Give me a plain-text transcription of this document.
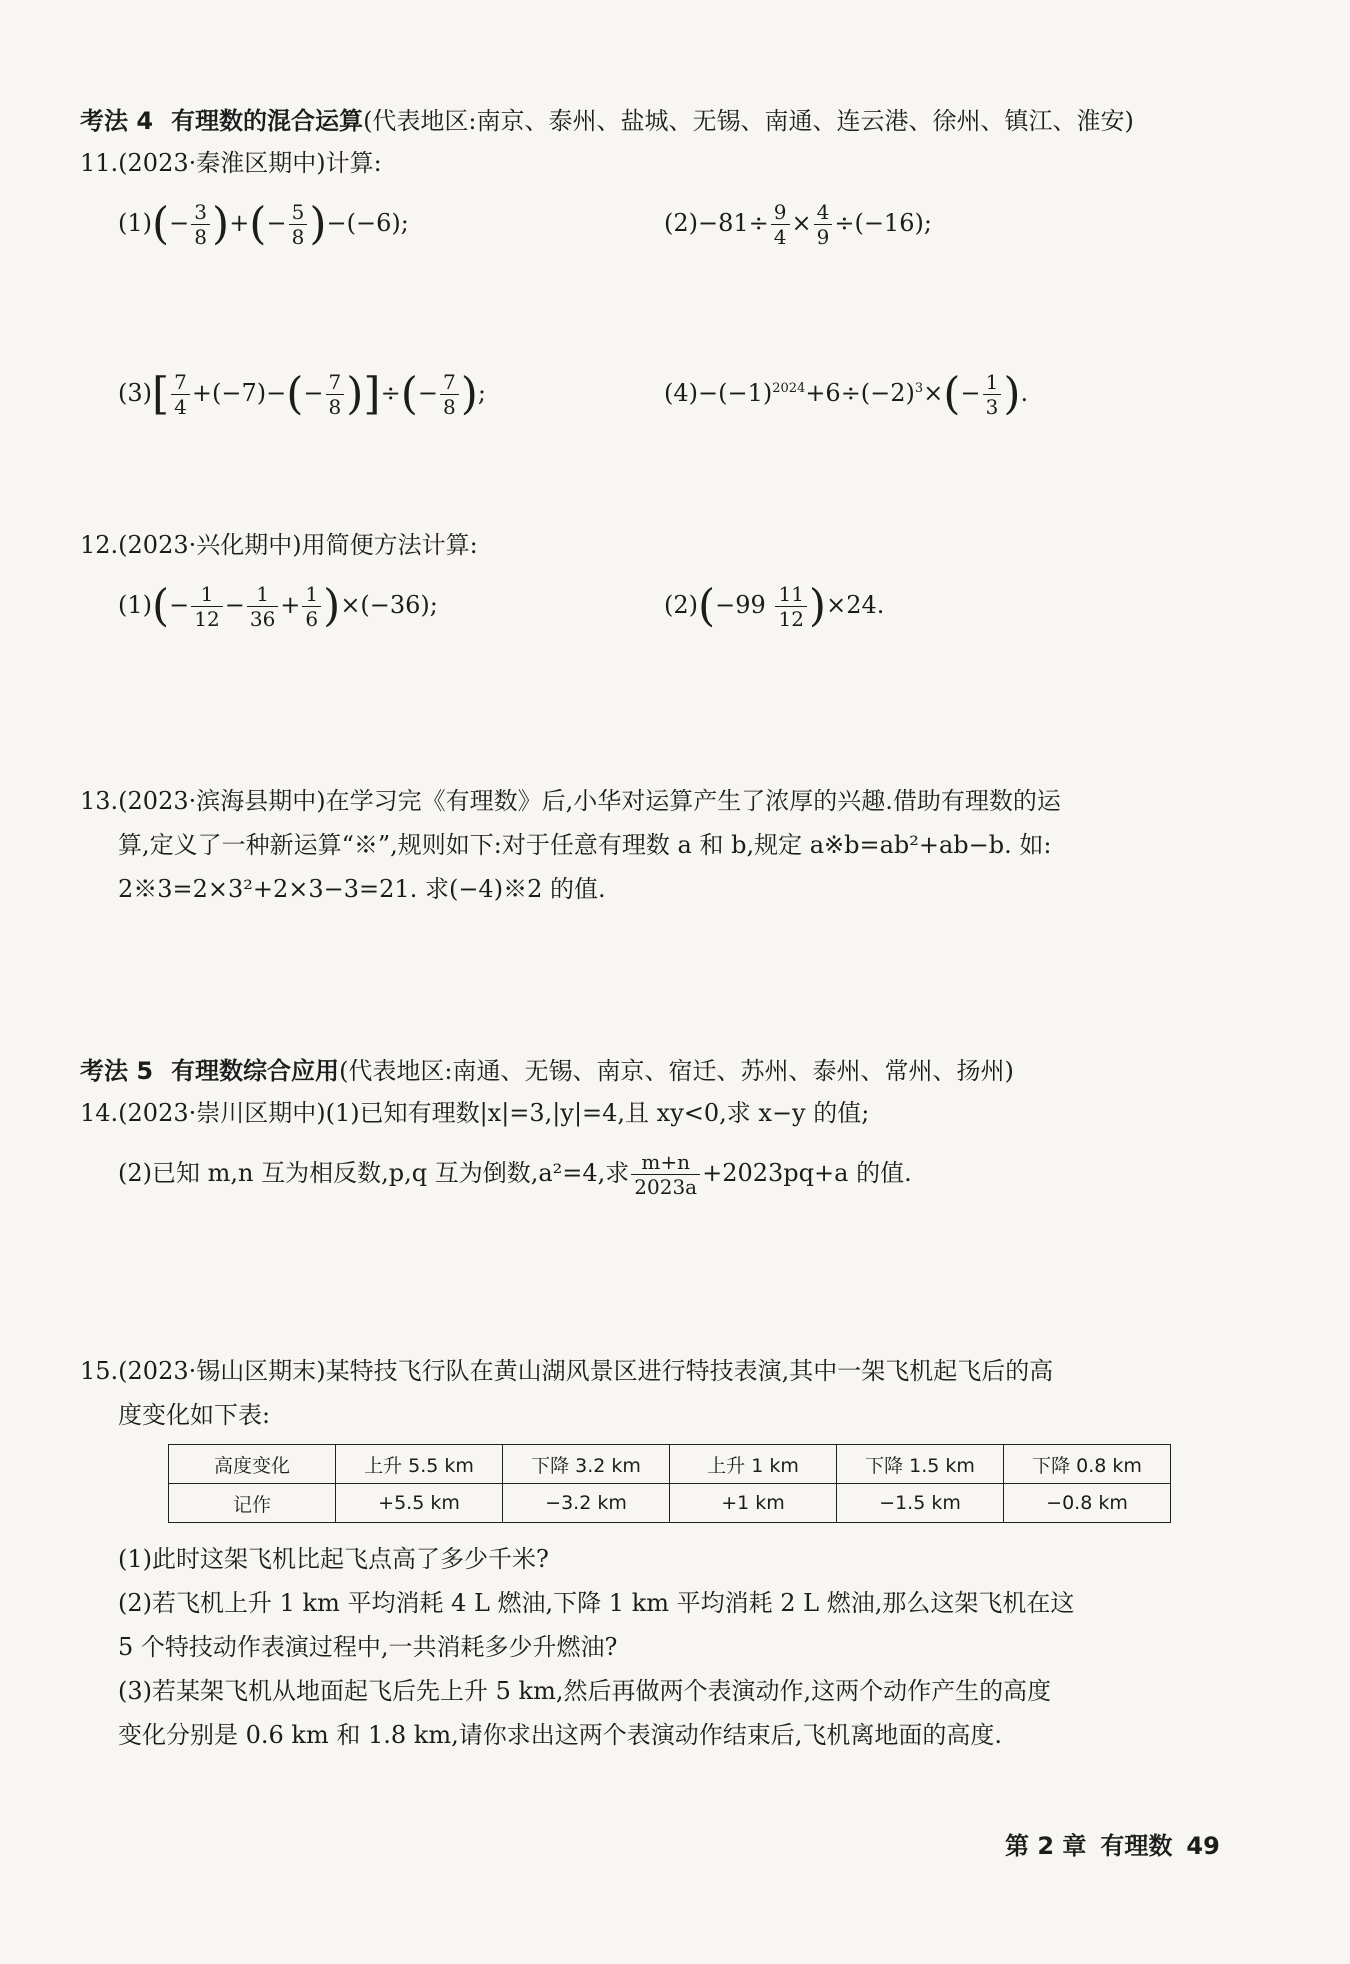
考法 4 有理数的混合运算(代表地区:南京、泰州、盐城、无锡、南通、连云港、徐州、镇江、淮安)
11.(2023·秦淮区期中)计算:
$(1)(- \frac{3}{8}$ )+(− $\frac{5}{8} )-(-6)$;	$(2)-81\div \frac{9}{4} \times \frac{4}{9} \div(-16)$;
$(3)[ \frac{7}{4} +(-7)-(- \frac{7}{8}$ )]÷(− $\frac{7}{8}$ );	$(4)-(-1)^{2024}+6\div(-2)^3\times(- \frac{1}{3}$ ).
12.(2023·兴化期中)用简便方法计算:
$(1)(- \frac{1}{12} - \frac{1}{36} + \frac{1}{6} )\times(-36)$;	$(2)(-99 \frac{11}{12} )\times 24$.
13.(2023·滨海县期中)在学习完《有理数》后,小华对运算产生了浓厚的兴趣.借助有理数的运
算,定义了一种新运算“※”,规则如下:对于任意有理数 a 和 b,规定 a※b=ab²+ab−b. 如:
2※3=2×3²+2×3−3=21. 求(−4)※2 的值.
考法 5 有理数综合应用(代表地区:南通、无锡、南京、宿迁、苏州、泰州、常州、扬州)
14.(2023·崇川区期中)(1)已知有理数|x|=3,|y|=4,且 xy<0,求 x−y 的值;
(2)已知 m,n 互为相反数,p,q 互为倒数,a²=4,求 $\frac{m+n}{2023a} +2023pq+a$ 的值.
15.(2023·锡山区期末)某特技飞行队在黄山湖风景区进行特技表演,其中一架飞机起飞后的高
度变化如下表:
高度变化	上升 5.5 km	下降 3.2 km	上升 1 km	下降 1.5 km	下降 0.8 km
记作	+5.5 km	−3.2 km	+1 km	−1.5 km	−0.8 km
(1)此时这架飞机比起飞点高了多少千米?
(2)若飞机上升 1 km 平均消耗 4 L 燃油,下降 1 km 平均消耗 2 L 燃油,那么这架飞机在这
5 个特技动作表演过程中,一共消耗多少升燃油?
(3)若某架飞机从地面起飞后先上升 5 km,然后再做两个表演动作,这两个动作产生的高度
变化分别是 0.6 km 和 1.8 km,请你求出这两个表演动作结束后,飞机离地面的高度.
第 2 章 有理数 49
